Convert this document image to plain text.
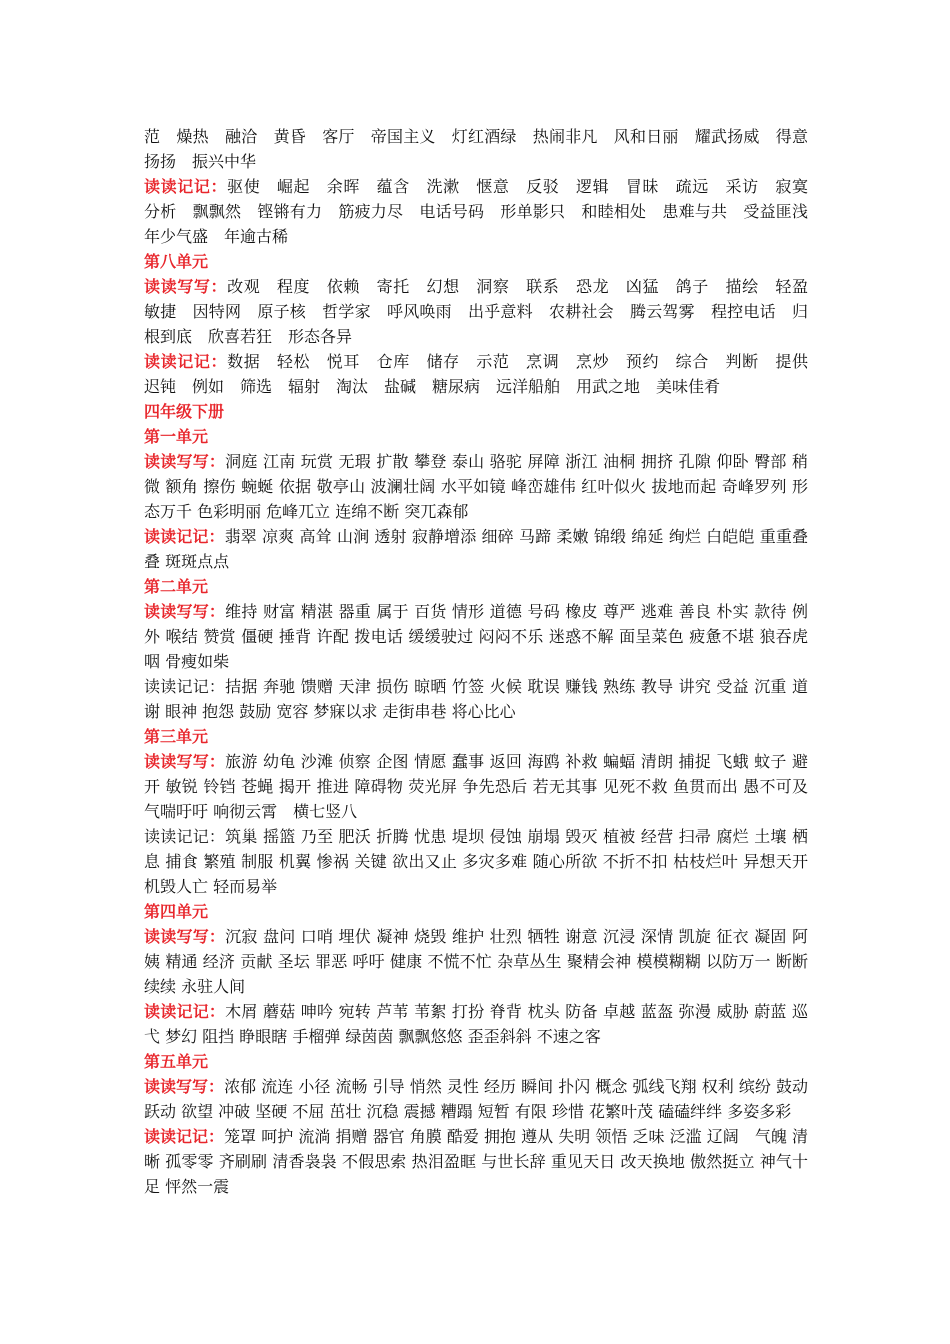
范　燥热　融洽　黄昏　客厅　帝国主义　灯红酒绿　热闹非凡　风和日丽　耀武扬威　得意扬扬　振兴中华

读读记记：驱使　崛起　余晖　蕴含　洗漱　惬意　反驳　逻辑　冒昧　疏远　采访　寂寞　分析　飘飘然　铿锵有力　筋疲力尽　电话号码　形单影只　和睦相处　患难与共　受益匪浅 年少气盛　年逾古稀

第八单元

读读写写：改观　程度　依赖　寄托　幻想　洞察　联系　恐龙　凶猛　鸽子　描绘　轻盈　敏捷　因特网　原子核　哲学家　呼风唤雨　出乎意料　农耕社会　腾云驾雾　程控电话　归根到底　欣喜若狂　形态各异

读读记记：数据　轻松　悦耳　仓库　储存　示范　烹调　烹炒　预约　综合　判断　提供　迟钝　例如　筛选　辐射　淘汰　盐碱　糖尿病　远洋船舶　用武之地　美味佳肴

四年级下册

第一单元

读读写写：洞庭 江南 玩赏 无瑕 扩散 攀登 泰山 骆驼 屏障 浙江 油桐 拥挤 孔隙 仰卧 臀部 稍微 额角 擦伤 蜿蜒 依据 敬亭山 波澜壮阔 水平如镜 峰峦雄伟 红叶似火 拔地而起 奇峰罗列 形态万千 色彩明丽 危峰兀立 连绵不断 突兀森郁

读读记记：翡翠 凉爽 高耸 山涧 透射 寂静增添 细碎 马蹄 柔嫩 锦缎 绵延 绚烂 白皑皑 重重叠叠 斑斑点点

第二单元

读读写写：维持 财富 精湛 器重 属于 百货 情形 道德 号码 橡皮 尊严 逃难 善良 朴实 款待 例外 喉结 赞赏 僵硬 捶背 许配 拨电话 缓缓驶过 闷闷不乐 迷惑不解 面呈菜色 疲惫不堪 狼吞虎咽 骨瘦如柴

读读记记：拮据 奔驰 馈赠 天津 损伤 晾晒 竹签 火候 耽误 赚钱 熟练 教导 讲究 受益 沉重 道谢 眼神 抱怨 鼓励 宽容 梦寐以求 走街串巷 将心比心

第三单元

读读写写：旅游 幼龟 沙滩 侦察 企图 情愿 蠢事 返回 海鸥 补救 蝙蝠 清朗 捕捉 飞蛾 蚊子 避开 敏锐 铃铛 苍蝇 揭开 推进 障碍物 荧光屏 争先恐后 若无其事 见死不救 鱼贯而出 愚不可及 气喘吁吁 响彻云霄　横七竖八

读读记记：筑巢 摇篮 乃至 肥沃 折腾 忧患 堤坝 侵蚀 崩塌 毁灭 植被 经营 扫帚 腐烂 土壤 栖息 捕食 繁殖 制服 机翼 惨祸 关键 欲出又止 多灾多难 随心所欲 不折不扣 枯枝烂叶 异想天开 机毁人亡 轻而易举

第四单元

读读写写：沉寂 盘问 口哨 埋伏 凝神 烧毁 维护 壮烈 牺牲 谢意 沉浸 深情 凯旋 征衣 凝固 阿姨 精通 经济 贡献 圣坛 罪恶 呼吁 健康 不慌不忙 杂草丛生 聚精会神 模模糊糊 以防万一 断断续续 永驻人间

读读记记：木屑 蘑菇 呻吟 宛转 芦苇 苇絮 打扮 脊背 枕头 防备 卓越 蓝盔 弥漫 威胁 蔚蓝 巡弋 梦幻 阻挡 睁眼瞎 手榴弹 绿茵茵 飘飘悠悠 歪歪斜斜 不速之客

第五单元

读读写写：浓郁 流连 小径 流畅 引导 悄然 灵性 经历 瞬间 扑闪 概念 弧线飞翔 权利 缤纷 鼓动 跃动 欲望 冲破 坚硬 不屈 茁壮 沉稳 震撼 糟蹋 短暂 有限 珍惜 花繁叶茂 磕磕绊绊 多姿多彩

读读记记：笼罩 呵护 流淌 捐赠 器官 角膜 酷爱 拥抱 遵从 失明 领悟 乏味 泛滥 辽阔　气魄 清晰 孤零零 齐刷刷 清香袅袅 不假思索 热泪盈眶 与世长辞 重见天日 改天换地 傲然挺立 神气十足 怦然一震
